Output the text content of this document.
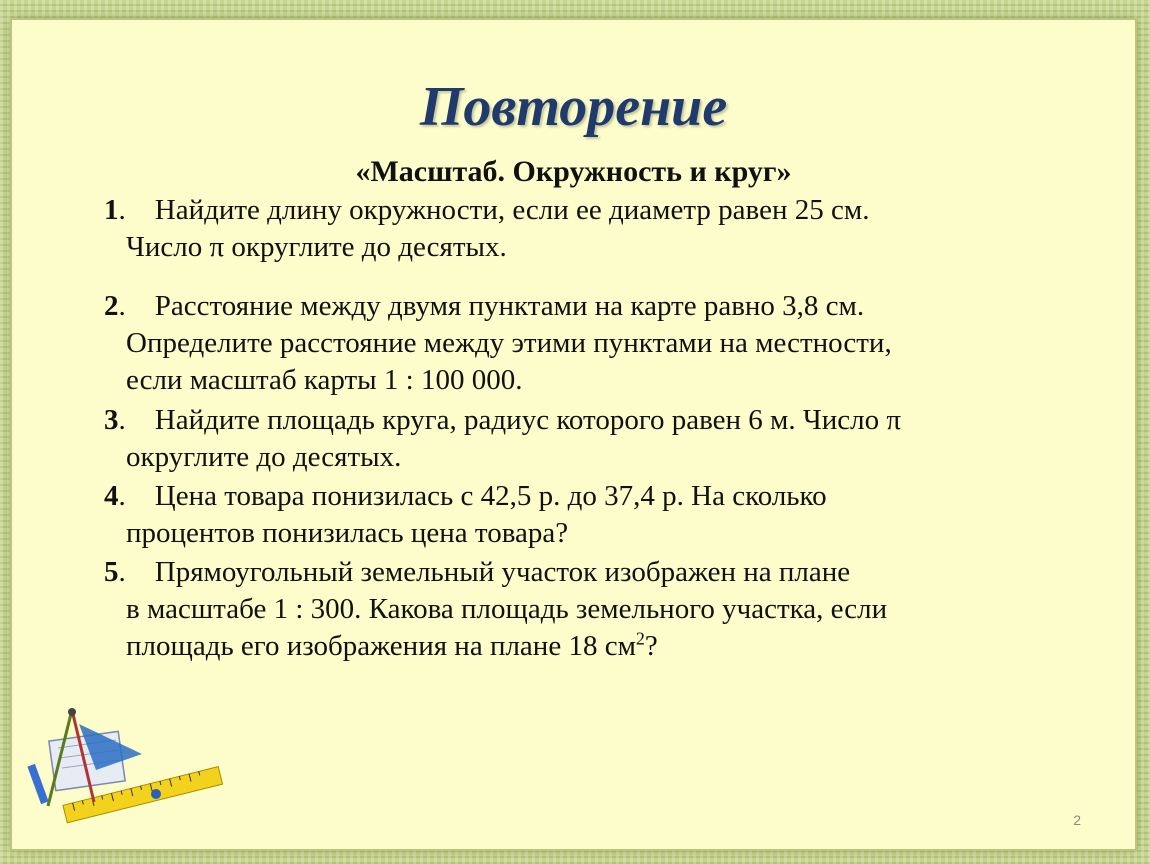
Повторение
«Масштаб. Окружность и круг»
1.    Найдите длину окружности, если ее диаметр равен 25 см.
Число π округлите до десятых.
2.    Расстояние между двумя пунктами на карте равно 3,8 см.
Определите расстояние между этими пунктами на местности,
если масштаб карты 1 : 100 000.
3.    Найдите площадь круга, радиус которого равен 6 м. Число π
округлите до десятых.
4.    Цена товара понизилась с 42,5 р. до 37,4 р. На сколько
процентов понизилась цена товара?
5.    Прямоугольный земельный участок изображен на плане
в масштабе 1 : 300. Какова площадь земельного участка, если
площадь его изображения на плане 18 $см^2$?
2
